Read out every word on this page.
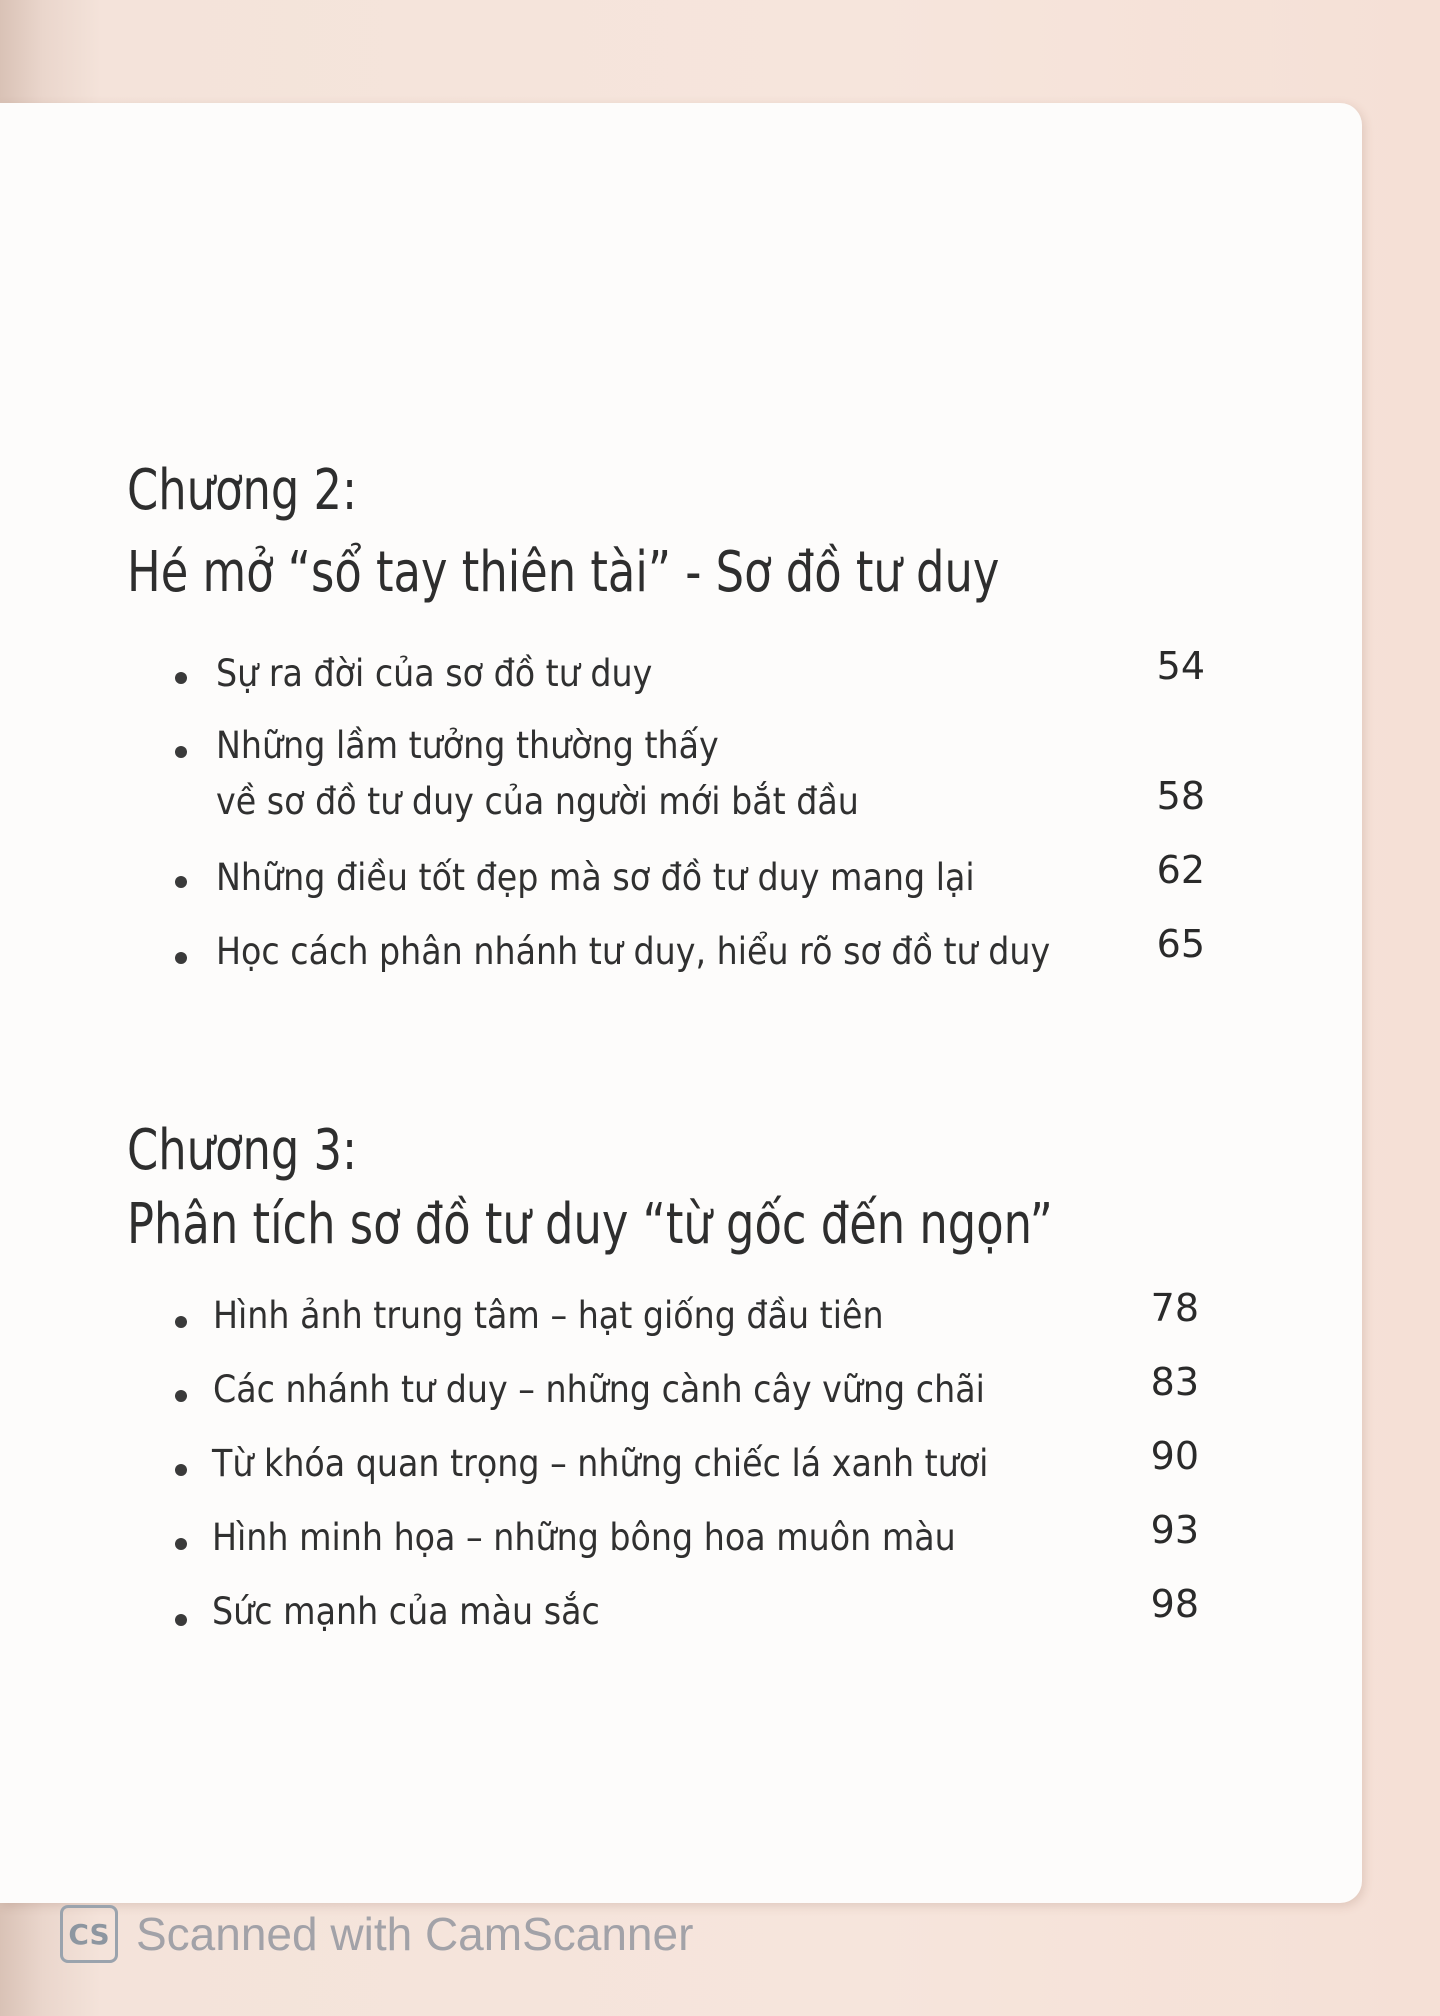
Chương 2:
Hé mở “sổ tay thiên tài” - Sơ đồ tư duy
Sự ra đời của sơ đồ tư duy	54
Những lầm tưởng thường thấy
về sơ đồ tư duy của người mới bắt đầu	58
Những điều tốt đẹp mà sơ đồ tư duy mang lại	62
Học cách phân nhánh tư duy, hiểu rõ sơ đồ tư duy	65
Chương 3:
Phân tích sơ đồ tư duy “từ gốc đến ngọn”
Hình ảnh trung tâm – hạt giống đầu tiên	78
Các nhánh tư duy – những cành cây vững chãi	83
Từ khóa quan trọng – những chiếc lá xanh tươi	90
Hình minh họa – những bông hoa muôn màu	93
Sức mạnh của màu sắc	98
CS Scanned with CamScanner
